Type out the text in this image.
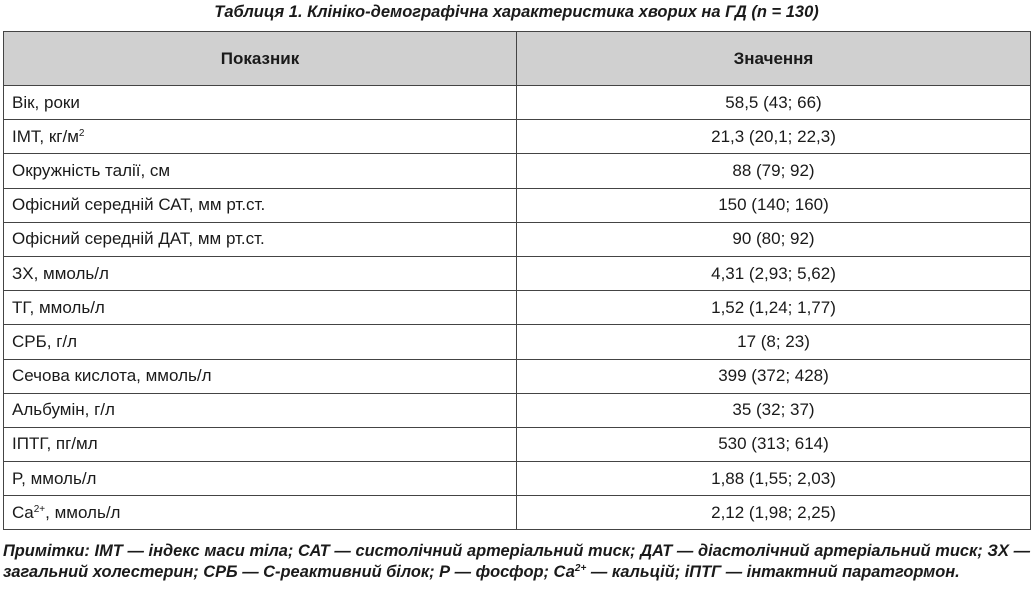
Таблиця 1. Клініко-демографічна характеристика хворих на ГД (n = 130)
Показник	Значення
Вік, роки	58,5 (43; 66)
ІМТ, $кг/м^2$	21,3 (20,1; 22,3)
Окружність талії, см	88 (79; 92)
Офісний середній САТ, мм рт.ст.	150 (140; 160)
Офісний середній ДАТ, мм рт.ст.	90 (80; 92)
ЗХ, ммоль/л	4,31 (2,93; 5,62)
ТГ, ммоль/л	1,52 (1,24; 1,77)
СРБ, г/л	17 (8; 23)
Сечова кислота, ммоль/л	399 (372; 428)
Альбумін, г/л	35 (32; 37)
ІПТГ, пг/мл	530 (313; 614)
P, ммоль/л	1,88 (1,55; 2,03)
$Ca^{2+}$, ммоль/л	2,12 (1,98; 2,25)
Примітки: ІМТ — індекс маси тіла; САТ — систолічний артеріальний тиск; ДАТ — діастолічний артеріальний тиск; ЗХ — загальний холестерин; СРБ — С-реактивний білок; Р — фосфор; $Са^{2+}$ — кальцій; іПТГ — інтактний паратгормон.
